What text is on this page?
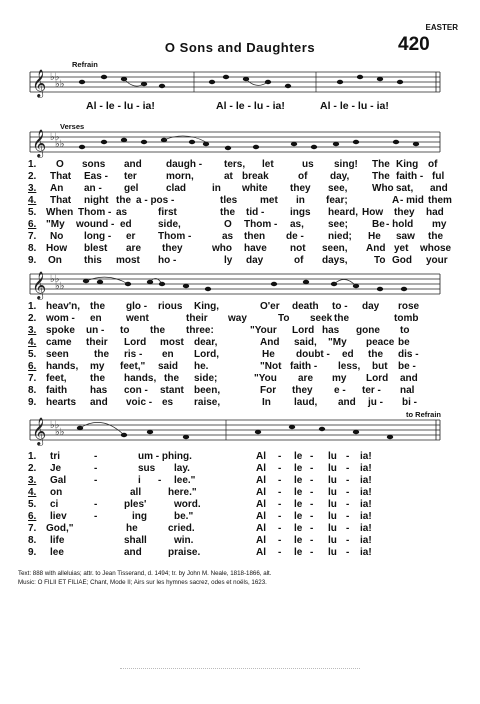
EASTER
420
O Sons and Daughters
Refrain
𝄞 ♭♭
♭♭
Al - le - lu - ia!	Al - le - lu - ia!	Al - le - lu - ia!
Verses
𝄞 ♭♭
♭♭
1. O sons and daugh - ters, let	us sing! The King of
2. That Eas - ter	morn,	at break	of day, The faith - ful
3. An an - gel	clad	in white they see, Who sat, and
4. That night the a - pos -	tles met in fear;	A - mid them
5. When Thom - as	first	the tid -	ings heard, How they had
6. "My wound - ed	side,	O Thom - as, see; Be - hold my
7. No long - er Thom -	as then de - nied; He saw the
8. How blest are they	who have not seen, And yet whose
9. On this most ho -	ly day	of days,	To God your
𝄞 ♭♭
♭♭
1. heav'n, the glo - rious King,	O'er death to - day rose
2. wom - en went	their way	To seek the	tomb
3. spoke un - to the three:	"Your Lord has gone to
4. came their Lord most dear,	And said, "My peace be
5. seen	the ris - en Lord,	He doubt - ed the dis -
6. hands, my feet," said he.	"Not faith - less, but be -
7. feet, the hands, the side;	"You are my Lord and
8. faith has con - stant been,	For they e - ter - nal
9. hearts and voic - es raise,	In laud, and ju - bi -
to Refrain
𝄞 ♭♭
♭♭
1. tri	-	um - phing.	Al - le - lu - ia!
2. Je	-	sus lay.	Al - le - lu - ia!
3. Gal	-	i - lee."	Al - le - lu - ia!
4. on	all	here."	Al - le - lu - ia!
5. ci	-	ples'	word.	Al - le - lu - ia!
6. liev	-	ing	be."	Al - le - lu - ia!
7. God,"	he	cried.	Al - le - lu - ia!
8. life	shall	win.	Al - le - lu - ia!
9. lee	and	praise.	Al - le - lu - ia!
Text: 888 with alleluias; attr. to Jean Tisserand, d. 1494; tr. by John M. Neale, 1818-1866, alt.
Music: O FILII ET FILIAE; Chant, Mode II; Airs sur les hymnes sacrez, odes et noëls, 1623.
